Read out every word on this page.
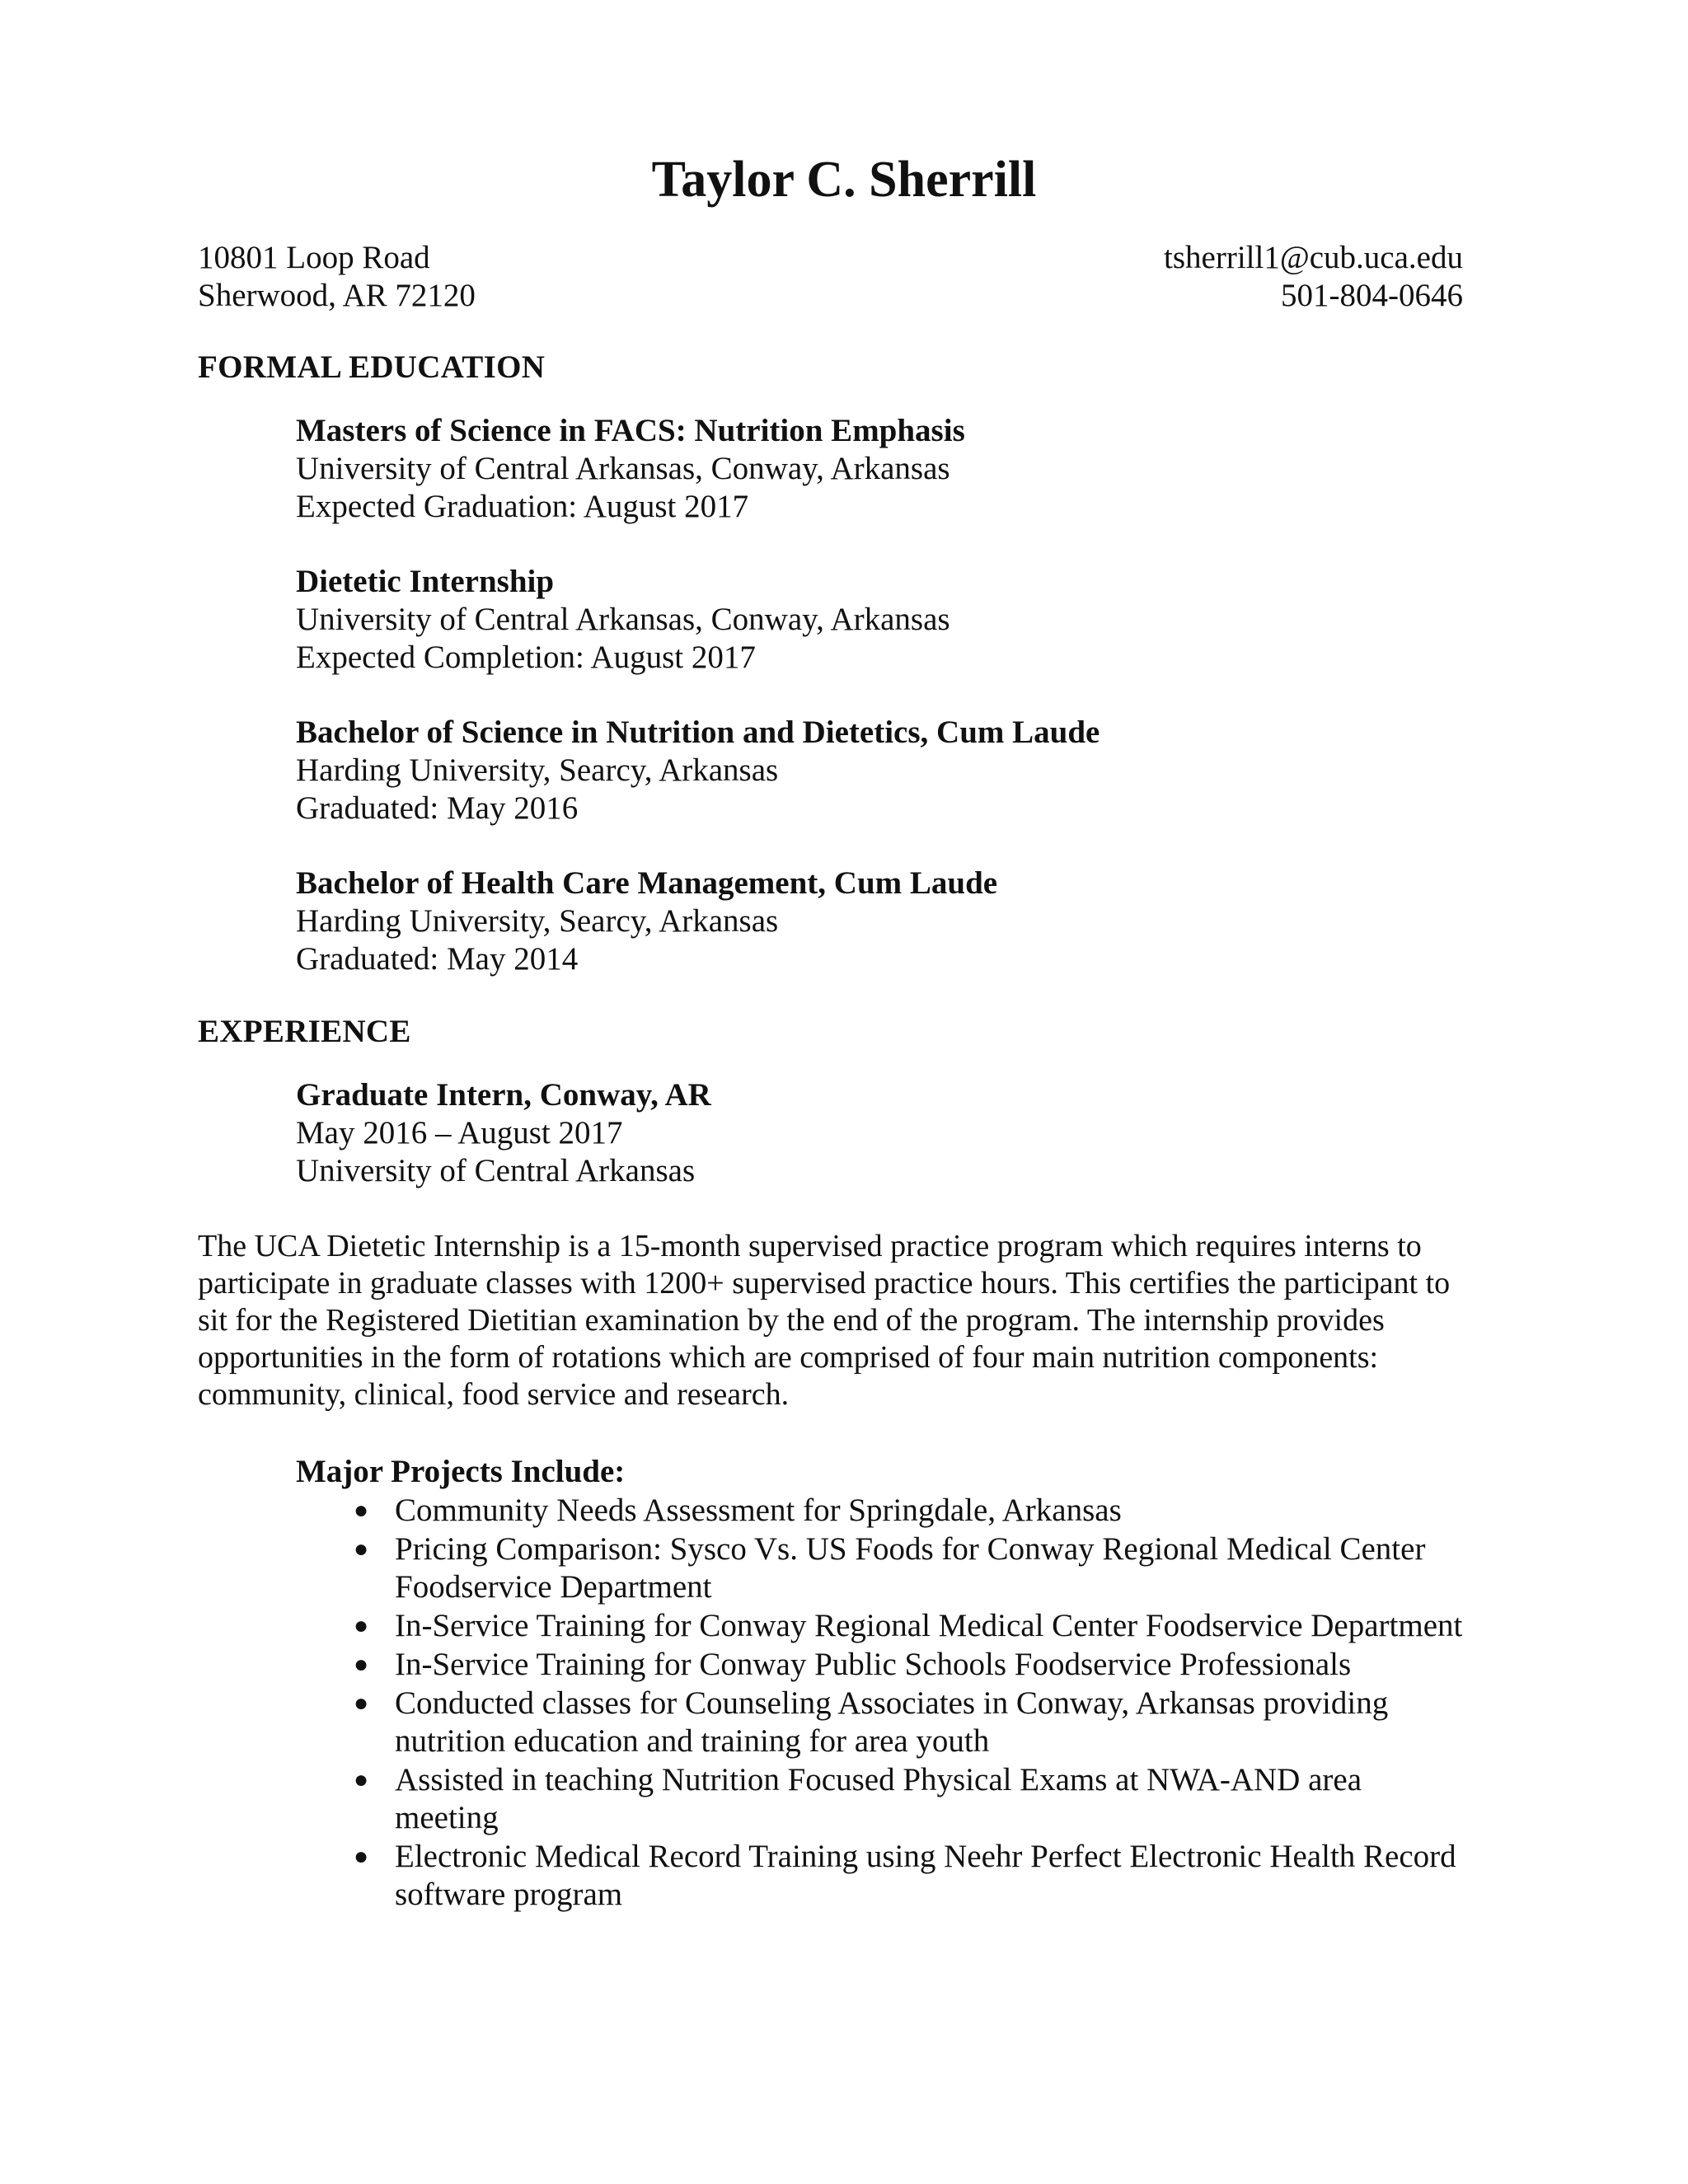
Taylor C. Sherrill
10801 Loop Road	tsherrill1@cub.uca.edu
Sherwood, AR 72120	501-804-0646
FORMAL EDUCATION
Masters of Science in FACS: Nutrition Emphasis
University of Central Arkansas, Conway, Arkansas
Expected Graduation: August 2017
Dietetic Internship
University of Central Arkansas, Conway, Arkansas
Expected Completion: August 2017
Bachelor of Science in Nutrition and Dietetics, Cum Laude
Harding University, Searcy, Arkansas
Graduated: May 2016
Bachelor of Health Care Management, Cum Laude
Harding University, Searcy, Arkansas
Graduated: May 2014
EXPERIENCE
Graduate Intern, Conway, AR
May 2016 – August 2017
University of Central Arkansas

The UCA Dietetic Internship is a 15-month supervised practice program which requires interns to participate in graduate classes with 1200+ supervised practice hours. This certifies the participant to sit for the Registered Dietitian examination by the end of the program. The internship provides opportunities in the form of rotations which are comprised of four main nutrition components: community, clinical, food service and research.

Major Projects Include:
● Community Needs Assessment for Springdale, Arkansas
● Pricing Comparison: Sysco Vs. US Foods for Conway Regional Medical Center Foodservice Department
● In-Service Training for Conway Regional Medical Center Foodservice Department
● In-Service Training for Conway Public Schools Foodservice Professionals
● Conducted classes for Counseling Associates in Conway, Arkansas providing nutrition education and training for area youth
● Assisted in teaching Nutrition Focused Physical Exams at NWA-AND area meeting
● Electronic Medical Record Training using Neehr Perfect Electronic Health Record software program
